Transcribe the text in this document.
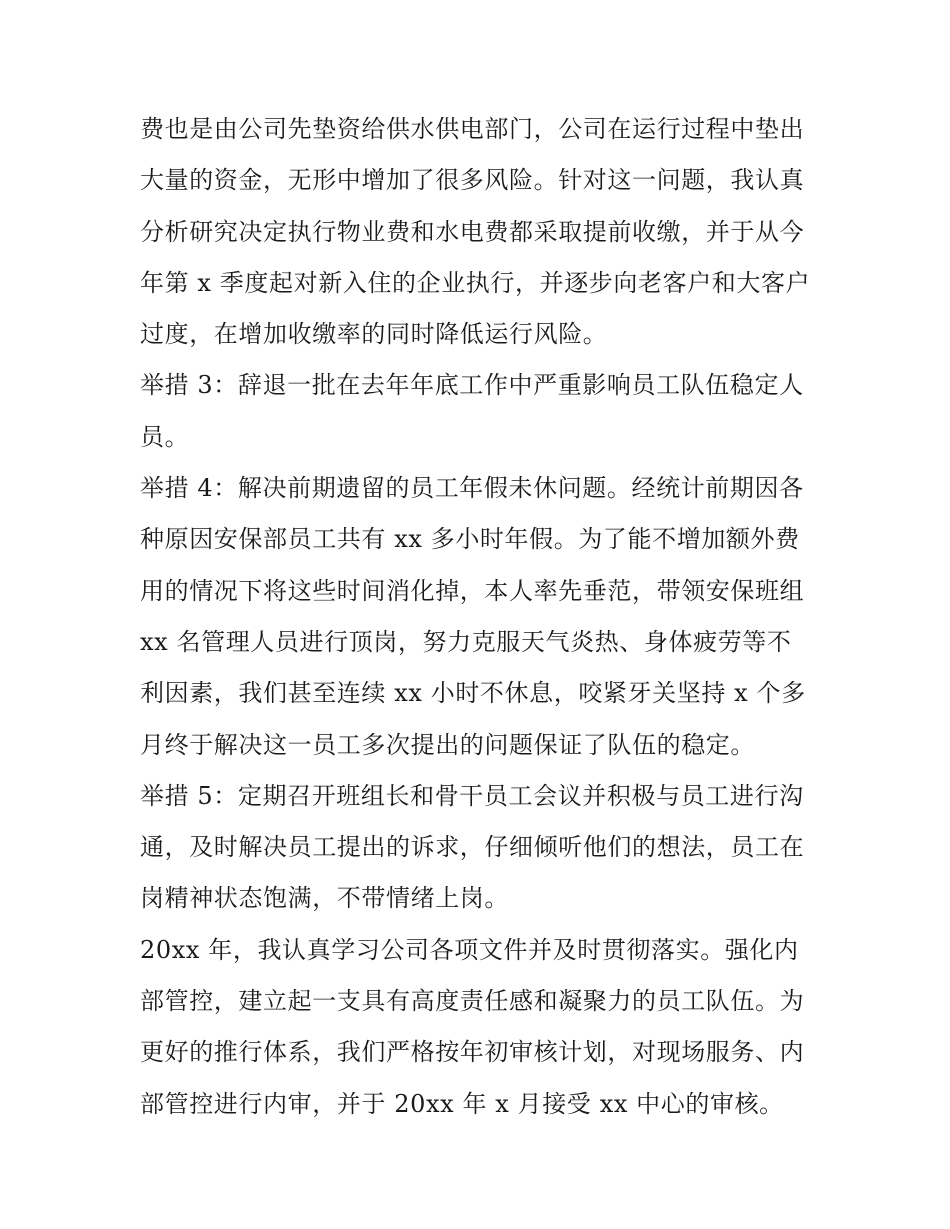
费也是由公司先垫资给供水供电部门，公司在运行过程中垫出
大量的资金，无形中增加了很多风险。针对这一问题，我认真
分析研究决定执行物业费和水电费都采取提前收缴，并于从今
年第 x 季度起对新入住的企业执行，并逐步向老客户和大客户
过度，在增加收缴率的同时降低运行风险。
举措 3：辞退一批在去年年底工作中严重影响员工队伍稳定人
员。
举措 4：解决前期遗留的员工年假未休问题。经统计前期因各
种原因安保部员工共有 xx 多小时年假。为了能不增加额外费
用的情况下将这些时间消化掉，本人率先垂范，带领安保班组
xx 名管理人员进行顶岗，努力克服天气炎热、身体疲劳等不
利因素，我们甚至连续 xx 小时不休息，咬紧牙关坚持 x 个多
月终于解决这一员工多次提出的问题保证了队伍的稳定。
举措 5：定期召开班组长和骨干员工会议并积极与员工进行沟
通，及时解决员工提出的诉求，仔细倾听他们的想法，员工在
岗精神状态饱满，不带情绪上岗。
20xx 年，我认真学习公司各项文件并及时贯彻落实。强化内
部管控，建立起一支具有高度责任感和凝聚力的员工队伍。为
更好的推行体系，我们严格按年初审核计划，对现场服务、内
部管控进行内审，并于 20xx 年 x 月接受 xx 中心的审核。
